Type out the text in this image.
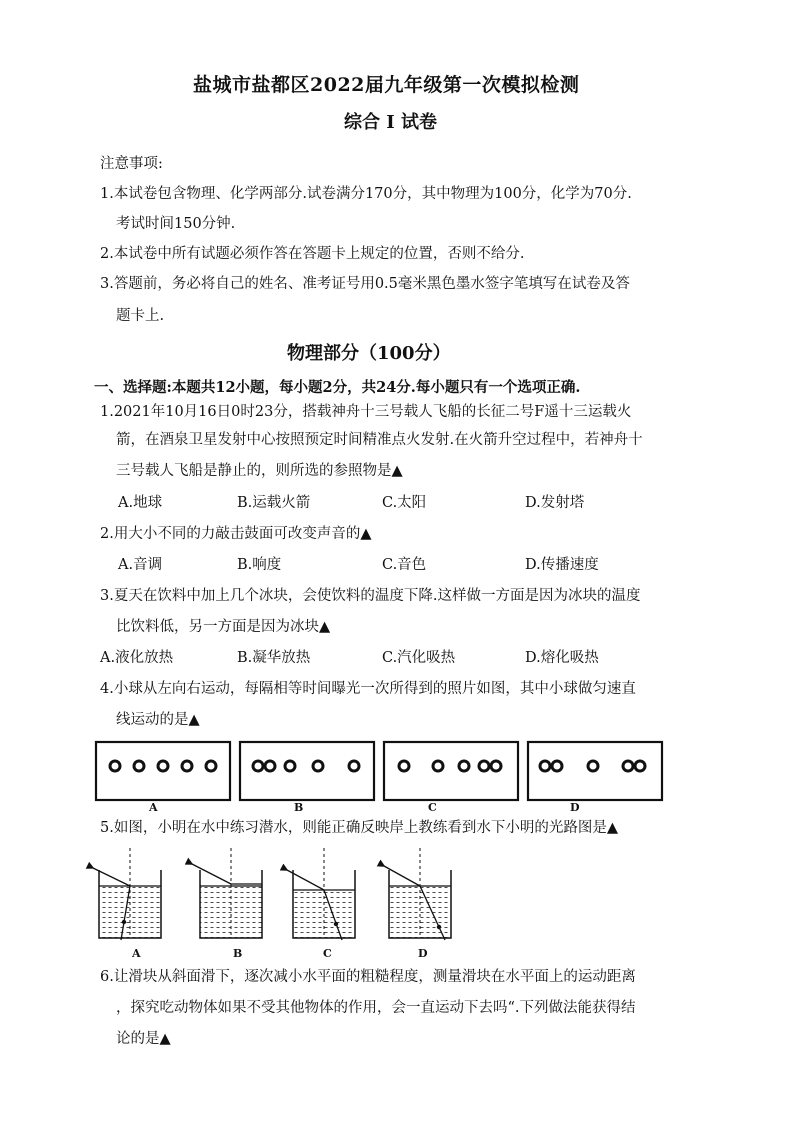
盐城市盐都区2022届九年级第一次模拟检测
综合 Ⅰ 试卷
注意事项:
1.本试卷包含物理、化学两部分.试卷满分170分，其中物理为100分，化学为70分.
考试时间150分钟.
2.本试卷中所有试题必须作答在答题卡上规定的位置，否则不给分.
3.答题前，务必将自己的姓名、准考证号用0.5毫米黑色墨水签字笔填写在试卷及答
题卡上.
物理部分（100分）
一、选择题:本题共12小题，每小题2分，共24分.每小题只有一个选项正确.
1.2021年10月16日0时23分，搭载神舟十三号载人飞船的长征二号F遥十三运载火
箭，在酒泉卫星发射中心按照预定时间精准点火发射.在火箭升空过程中，若神舟十
三号载人飞船是静止的，则所选的参照物是▲
A.地球	B.运载火箭	C.太阳	D.发射塔
2.用大小不同的力敲击鼓面可改变声音的▲
A.音调	B.响度	C.音色	D.传播速度
3.夏天在饮料中加上几个冰块，会使饮料的温度下降.这样做一方面是因为冰块的温度
比饮料低，另一方面是因为冰块▲
A.液化放热	B.凝华放热	C.汽化吸热	D.熔化吸热
4.小球从左向右运动，每隔相等时间曝光一次所得到的照片如图，其中小球做匀速直
线运动的是▲
A	B	C	D
5.如图，小明在水中练习潜水，则能正确反映岸上教练看到水下小明的光路图是▲
A	B	C	D
6.让滑块从斜面滑下，逐次减小水平面的粗糙程度，测量滑块在水平面上的运动距离
，探究吃动物体如果不受其他物体的作用，会一直运动下去吗“.下列做法能获得结
论的是▲
